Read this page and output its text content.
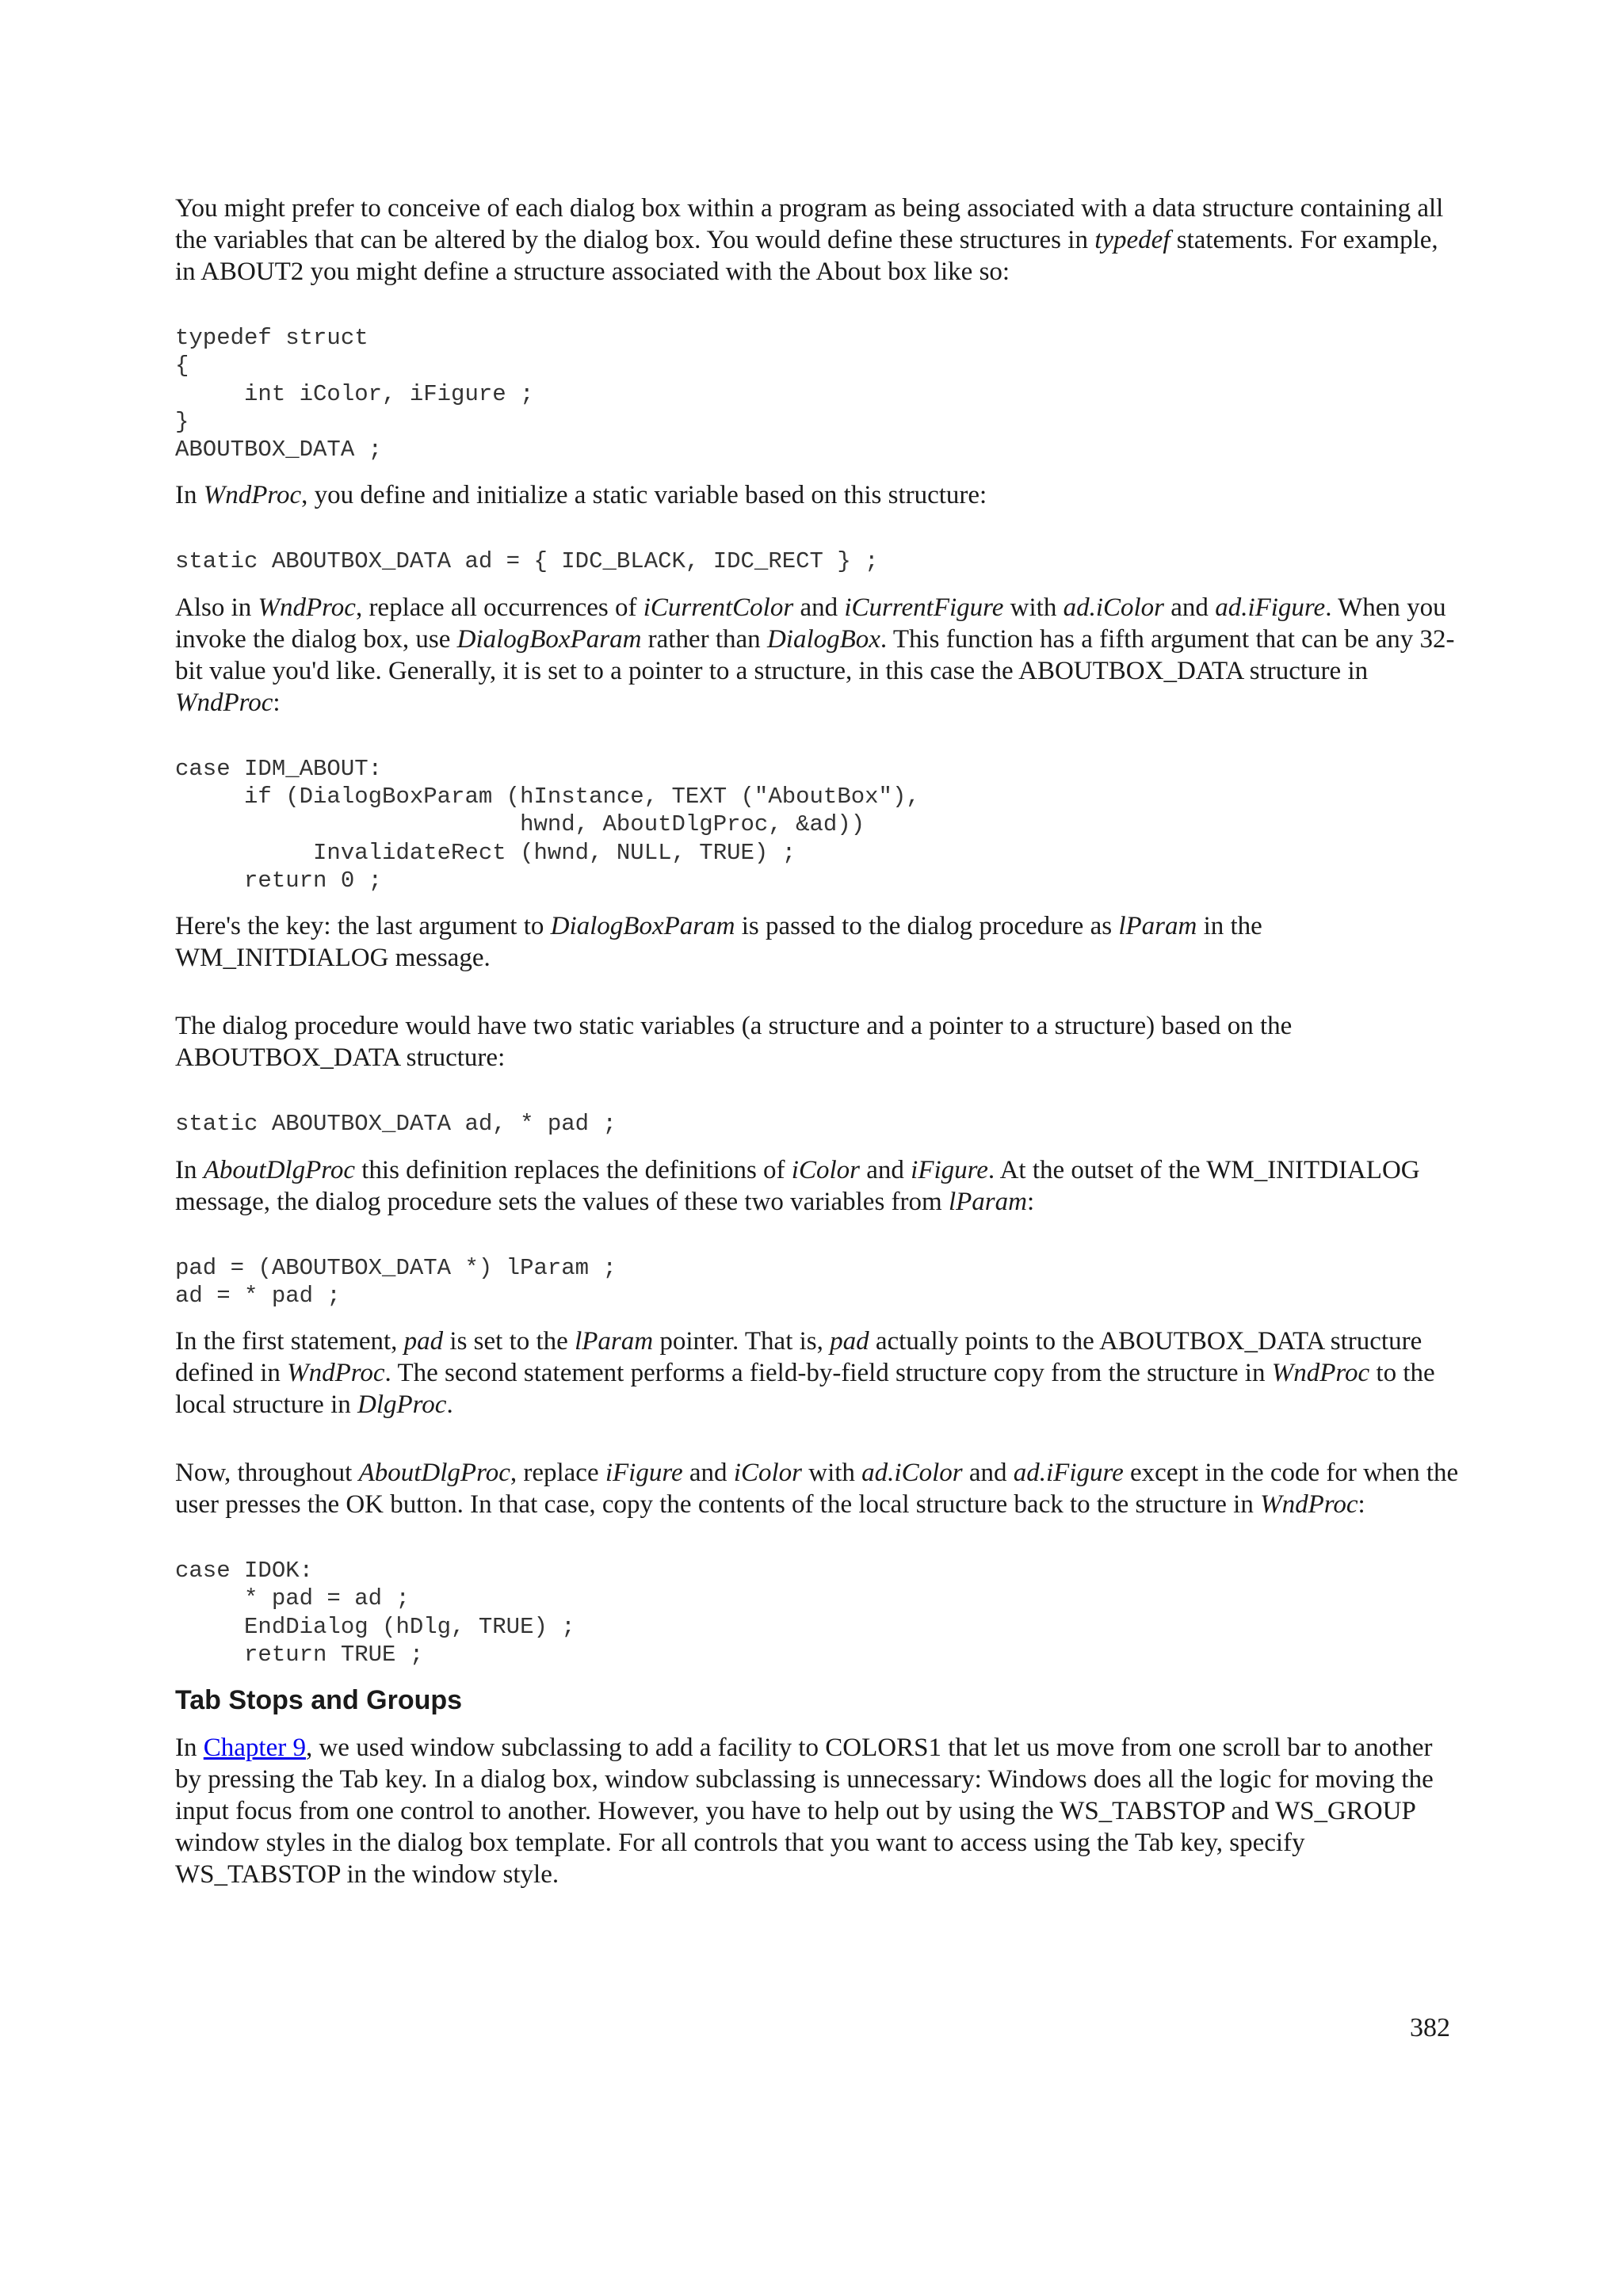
You might prefer to conceive of each dialog box within a program as being associated with a data structure containing all the variables that can be altered by the dialog box. You would define these structures in typedef statements. For example, in ABOUT2 you might define a structure associated with the About box like so:

typedef struct
{
int iColor, iFigure ;
}
ABOUTBOX_DATA ;

In WndProc, you define and initialize a static variable based on this structure:

static ABOUTBOX_DATA ad = { IDC_BLACK, IDC_RECT } ;

Also in WndProc, replace all occurrences of iCurrentColor and iCurrentFigure with ad.iColor and ad.iFigure. When you invoke the dialog box, use DialogBoxParam rather than DialogBox. This function has a fifth argument that can be any 32-bit value you'd like. Generally, it is set to a pointer to a structure, in this case the ABOUTBOX_DATA structure in WndProc:

case IDM_ABOUT:
if (DialogBoxParam (hInstance, TEXT ("AboutBox"),
hwnd, AboutDlgProc, &ad))
InvalidateRect (hwnd, NULL, TRUE) ;
return 0 ;

Here's the key: the last argument to DialogBoxParam is passed to the dialog procedure as lParam in the WM_INITDIALOG message.

The dialog procedure would have two static variables (a structure and a pointer to a structure) based on the ABOUTBOX_DATA structure:

static ABOUTBOX_DATA ad, * pad ;

In AboutDlgProc this definition replaces the definitions of iColor and iFigure. At the outset of the WM_INITDIALOG message, the dialog procedure sets the values of these two variables from lParam:

pad = (ABOUTBOX_DATA *) lParam ;
ad = * pad ;

In the first statement, pad is set to the lParam pointer. That is, pad actually points to the ABOUTBOX_DATA structure defined in WndProc. The second statement performs a field-by-field structure copy from the structure in WndProc to the local structure in DlgProc.

Now, throughout AboutDlgProc, replace iFigure and iColor with ad.iColor and ad.iFigure except in the code for when the user presses the OK button. In that case, copy the contents of the local structure back to the structure in WndProc:

case IDOK:
* pad = ad ;
EndDialog (hDlg, TRUE) ;
return TRUE ;
Tab Stops and Groups

In Chapter 9, we used window subclassing to add a facility to COLORS1 that let us move from one scroll bar to another by pressing the Tab key. In a dialog box, window subclassing is unnecessary: Windows does all the logic for moving the input focus from one control to another. However, you have to help out by using the WS_TABSTOP and WS_GROUP window styles in the dialog box template. For all controls that you want to access using the Tab key, specify WS_TABSTOP in the window style.

382
